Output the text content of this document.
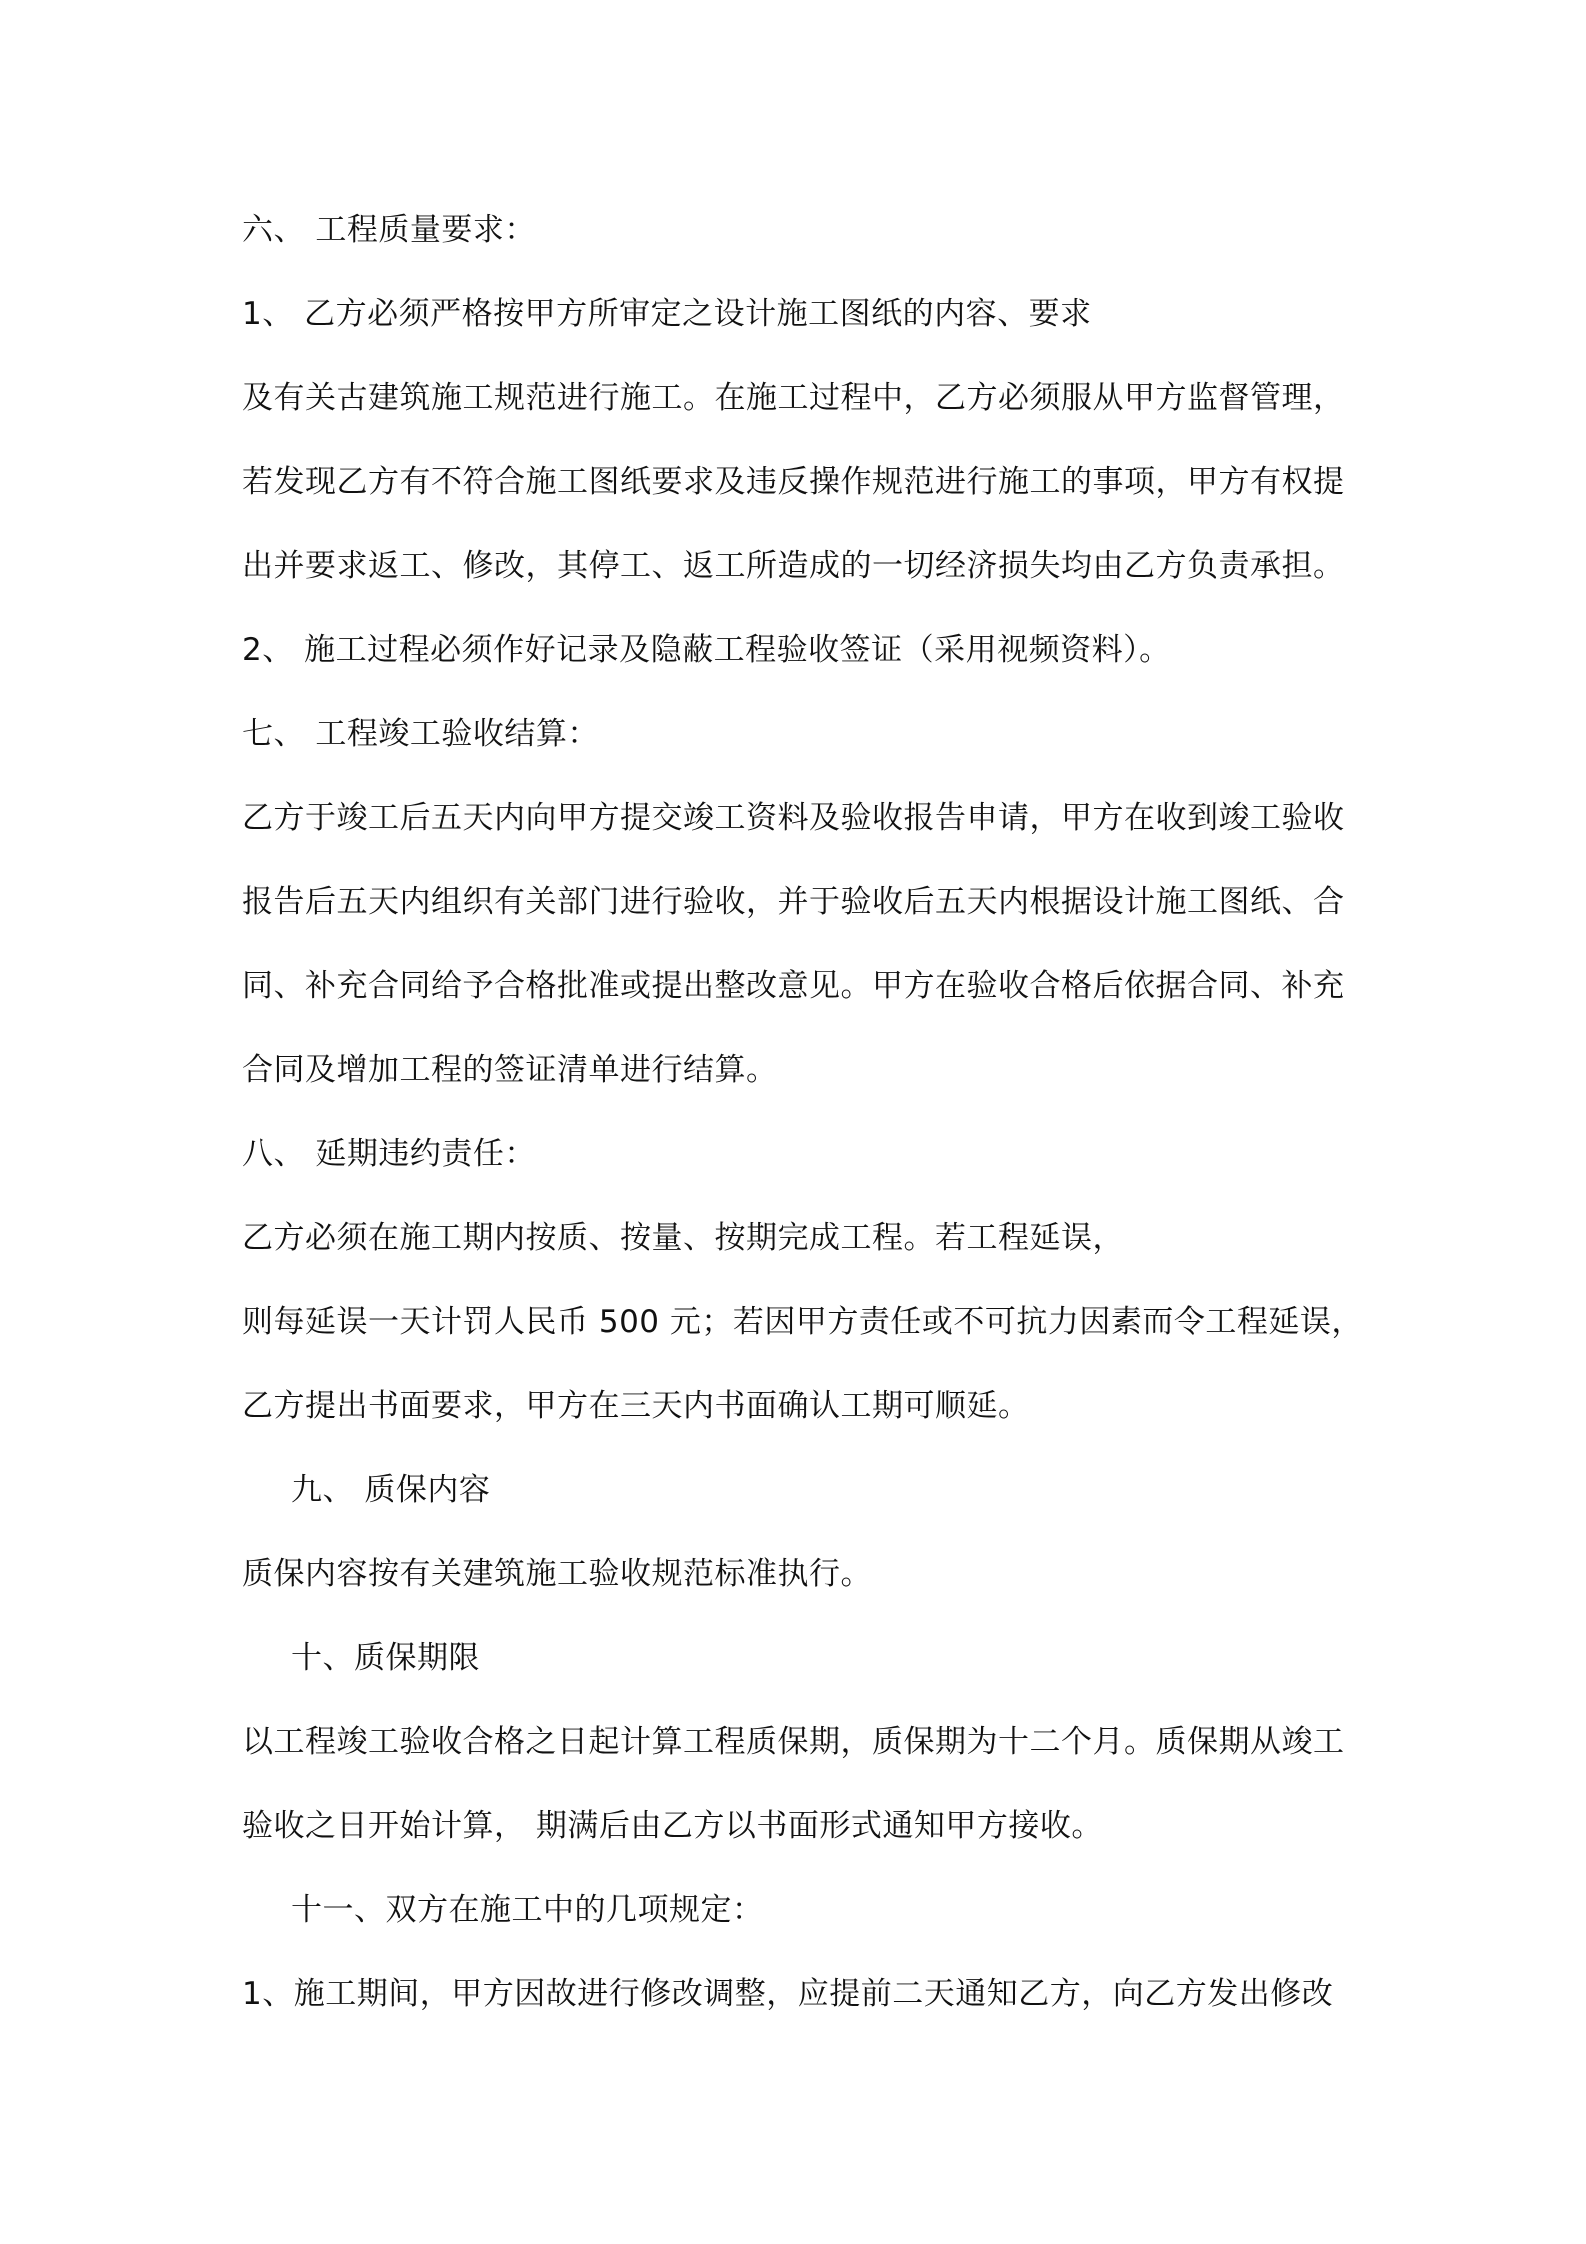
六、 工程质量要求：
1、 乙方必须严格按甲方所审定之设计施工图纸的内容、要求
及有关古建筑施工规范进行施工。在施工过程中，乙方必须服从甲方监督管理，
若发现乙方有不符合施工图纸要求及违反操作规范进行施工的事项，甲方有权提
出并要求返工、修改，其停工、返工所造成的一切经济损失均由乙方负责承担。
2、 施工过程必须作好记录及隐蔽工程验收签证（采用视频资料）。
七、 工程竣工验收结算：
乙方于竣工后五天内向甲方提交竣工资料及验收报告申请，甲方在收到竣工验收
报告后五天内组织有关部门进行验收，并于验收后五天内根据设计施工图纸、合
同、补充合同给予合格批准或提出整改意见。甲方在验收合格后依据合同、补充
合同及增加工程的签证清单进行结算。
八、 延期违约责任：
乙方必须在施工期内按质、按量、按期完成工程。若工程延误，
则每延误一天计罚人民币 500 元；若因甲方责任或不可抗力因素而令工程延误，
乙方提出书面要求，甲方在三天内书面确认工期可顺延。
九、 质保内容
质保内容按有关建筑施工验收规范标准执行。
十、质保期限
以工程竣工验收合格之日起计算工程质保期，质保期为十二个月。质保期从竣工
验收之日开始计算， 期满后由乙方以书面形式通知甲方接收。
十一、双方在施工中的几项规定：
1、施工期间，甲方因故进行修改调整，应提前二天通知乙方，向乙方发出修改
